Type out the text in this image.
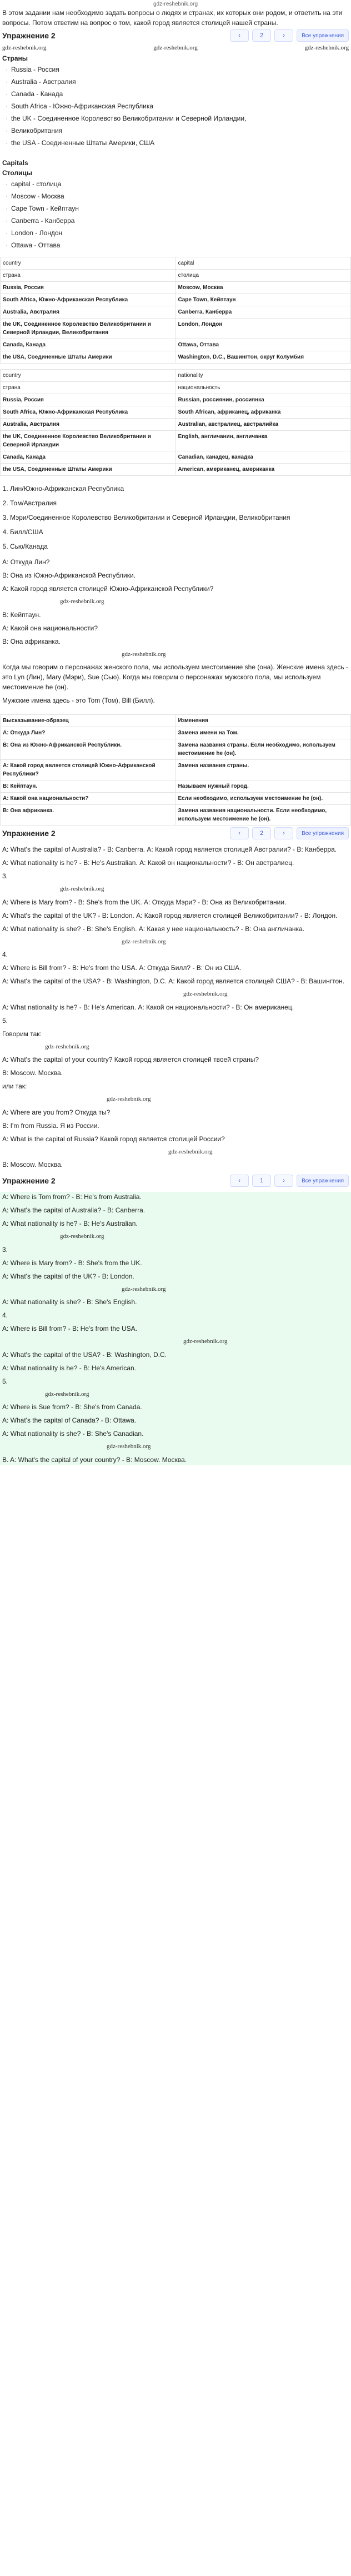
gdz-reshebnik.org

В этом задании нам необходимо задать вопросы о людях и странах, их которых они родом, и ответить на эти вопросы. Потом ответим на вопрос о том, какой город является столицей нашей страны.

Упражнение 2	‹	2	›	Все упражнения
gdz-reshebnik.org	gdz-reshebnik.org	gdz-reshebnik.org
Страны
· Russia - Россия
· Australia - Австралия
· Canada - Канада
· South Africa - Южно-Африканская Республика
· the UK - Соединенное Королевство Великобритании и Северной Ирландии,
· Великобритания
· the USA - Соединенные Штаты Америки, США
Capitals
Столицы
· capital - столица
· Moscow - Москва
· Cape Town - Кейптаун
· Canberra - Канберра
· London - Лондон
· Ottawa - Оттава
country	capital
страна	столица
Russia, Россия	Moscow, Москва
South Africa, Южно-Африканская Республика	Cape Town, Кейптаун
Australia, Австралия	Canberra, Канберра
the UK, Соединенное Королевство Великобритании и Северной Ирландии, Великобритания	London, Лондон
Canada, Канада	Ottawa, Оттава
the USA, Соединенные Штаты Америки	Washington, D.C., Вашингтон, округ Колумбия
country	nationality
страна	национальность
Russia, Россия	Russian, россиянин, россиянка
South Africa, Южно-Африканская Республика	South African, африканец, африканка
Australia, Австралия	Australian, австралиец, австралийка
the UK, Соединенное Королевство Великобритании и Северной Ирландии	English, англичанин, англичанка
Canada, Канада	Canadian, канадец, канадка
the USA, Соединенные Штаты Америки	American, американец, американка
1. Лин/Южно-Африканская Республика
2. Том/Австралия
3. Мэри/Соединенное Королевство Великобритании и Северной Ирландии, Великобритания
4. Билл/США
5. Сью/Канада

A: Откуда Лин?

B: Она из Южно-Африканской Республики.

A: Какой город является столицей Южно-Африканской Республики?

gdz-reshebnik.org

B: Кейптаун.

A: Какой она национальности?

B: Она африканка.

gdz-reshebnik.org

Когда мы говорим о персонажах женского пола, мы используем местоимение she (она). Женские имена здесь - это Lyn (Лин), Mary (Мэри), Sue (Сью). Когда мы говорим о персонажах мужского пола, мы используем местоимение he (он).

Мужские имена здесь - это Tom (Том), Bill (Билл).

Высказывание-образец	Изменения
A: Откуда Лин?	Замена имени на Том.
B: Она из Южно-Африканской Республики.	Замена названия страны. Если необходимо, используем местоимение he (он).
A: Какой город является столицей Южно-Африканской Республики?	Замена названия страны.
B: Кейптаун.	Называем нужный город.
A: Какой она национальности?	Если необходимо, используем местоимение he (он).
B: Она африканка.	Замена названия национальности. Если необходимо, используем местоимение he (он).
Упражнение 2	‹	2	›	Все упражнения

A: What's the capital of Australia? - B: Canberra. А: Какой город является столицей Австралии? - В: Канберра.

A: What nationality is he? - B: He's Australian. А: Какой он национальности? - В: Он австралиец.

3.

gdz-reshebnik.org

A: Where is Mary from? - B: She's from the UK. А: Откуда Мэри? - В: Она из Великобритании.

A: What's the capital of the UK? - B: London. А: Какой город является столицей Великобритании? - В: Лондон.

A: What nationality is she? - B: She's English. А: Какая у нее национальность? - В: Она англичанка.

gdz-reshebnik.org

4.

A: Where is Bill from? - B: He's from the USA. А: Откуда Билл? - В: Он из США.

A: What's the capital of the USA? - B: Washington, D.C. А: Какой город является столицей США? - В: Вашингтон.

gdz-reshebnik.org

A: What nationality is he? - B: He's American. А: Какой он национальности? - В: Он американец.

5.

Говорим так:

gdz-reshebnik.org

A: What's the capital of your country? Какой город является столицей твоей страны?

B: Moscow. Москва.

или так:

gdz-reshebnik.org

A: Where are you from? Откуда ты?

B: I'm from Russia. Я из России.

A: What is the capital of Russia? Какой город является столицей России?

gdz-reshebnik.org

B: Moscow. Москва.

Упражнение 2	‹	1	›	Все упражнения

A: Where is Tom from? - B: He's from Australia.

A: What's the capital of Australia? - B: Canberra.

A: What nationality is he? - B: He's Australian.

gdz-reshebnik.org

3.

A: Where is Mary from? - B: She's from the UK.

A: What's the capital of the UK? - B: London.

gdz-reshebnik.org

A: What nationality is she? - B: She's English.

4.

A: Where is Bill from? - B: He's from the USA.

gdz-reshebnik.org

A: What's the capital of the USA? - B: Washington, D.C.

A: What nationality is he? - B: He's American.

5.

gdz-reshebnik.org

A: Where is Sue from? - B: She's from Canada.

A: What's the capital of Canada? - B: Ottawa.

A: What nationality is she? - B: She's Canadian.

gdz-reshebnik.org

B. A: What's the capital of your country? - B: Moscow. Москва.
